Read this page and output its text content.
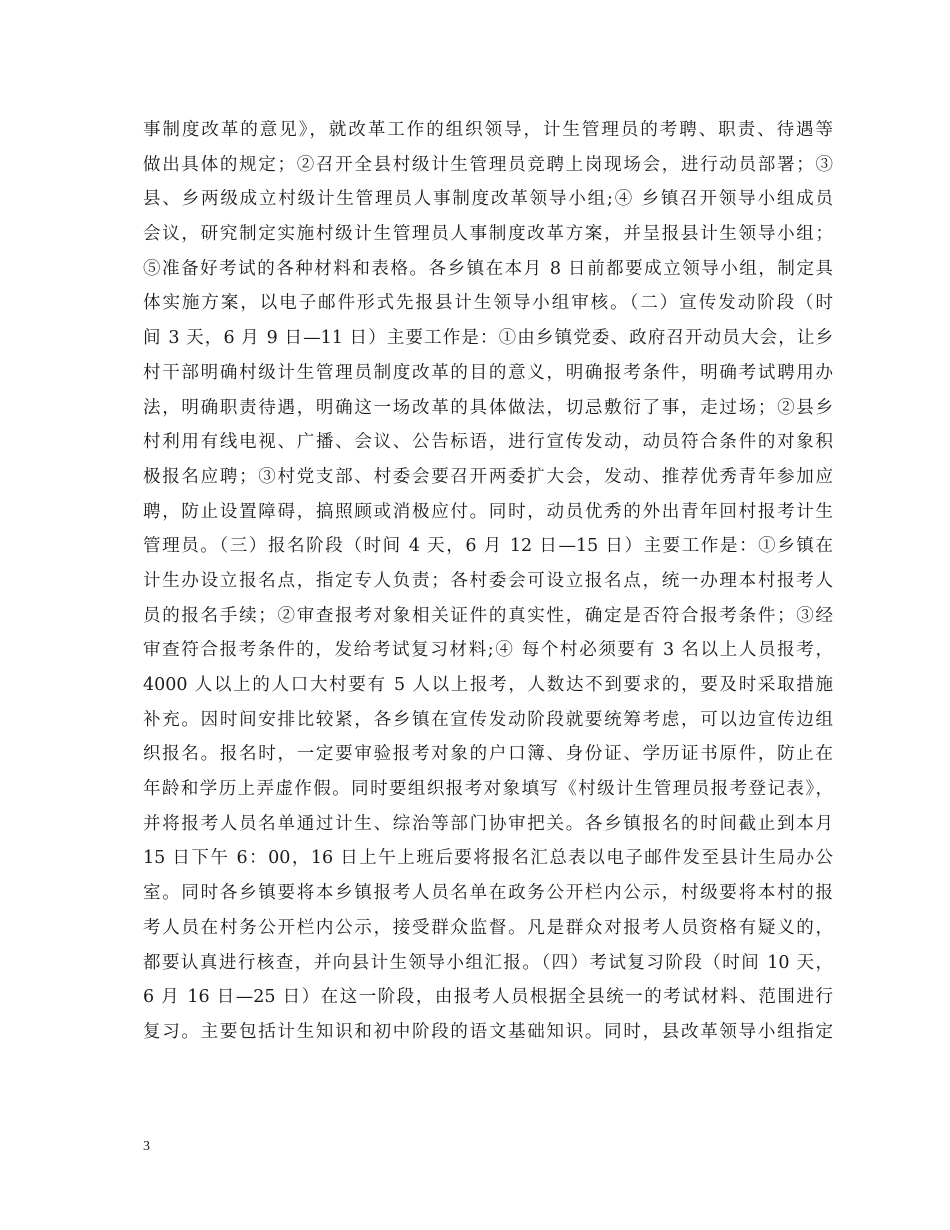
事制度改革的意见》，就改革工作的组织领导，计生管理员的考聘、职责、待遇等
做出具体的规定；②召开全县村级计生管理员竞聘上岗现场会，进行动员部署；③
县、乡两级成立村级计生管理员人事制度改革领导小组;④ 乡镇召开领导小组成员
会议，研究制定实施村级计生管理员人事制度改革方案，并呈报县计生领导小组；
⑤准备好考试的各种材料和表格。各乡镇在本月 8 日前都要成立领导小组，制定具
体实施方案，以电子邮件形式先报县计生领导小组审核。（二）宣传发动阶段（时
间 3 天，6 月 9 日—11 日）主要工作是：①由乡镇党委、政府召开动员大会，让乡
村干部明确村级计生管理员制度改革的目的意义，明确报考条件，明确考试聘用办
法，明确职责待遇，明确这一场改革的具体做法，切忌敷衍了事，走过场；②县乡
村利用有线电视、广播、会议、公告标语，进行宣传发动，动员符合条件的对象积
极报名应聘；③村党支部、村委会要召开两委扩大会，发动、推荐优秀青年参加应
聘，防止设置障碍，搞照顾或消极应付。同时，动员优秀的外出青年回村报考计生
管理员。（三）报名阶段（时间 4 天，6 月 12 日—15 日）主要工作是：①乡镇在
计生办设立报名点，指定专人负责；各村委会可设立报名点，统一办理本村报考人
员的报名手续；②审查报考对象相关证件的真实性，确定是否符合报考条件；③经
审查符合报考条件的，发给考试复习材料;④ 每个村必须要有 3 名以上人员报考，
4000 人以上的人口大村要有 5 人以上报考，人数达不到要求的，要及时采取措施
补充。因时间安排比较紧，各乡镇在宣传发动阶段就要统筹考虑，可以边宣传边组
织报名。报名时，一定要审验报考对象的户口簿、身份证、学历证书原件，防止在
年龄和学历上弄虚作假。同时要组织报考对象填写《村级计生管理员报考登记表》，
并将报考人员名单通过计生、综治等部门协审把关。各乡镇报名的时间截止到本月
15 日下午 6：00，16 日上午上班后要将报名汇总表以电子邮件发至县计生局办公
室。同时各乡镇要将本乡镇报考人员名单在政务公开栏内公示，村级要将本村的报
考人员在村务公开栏内公示，接受群众监督。凡是群众对报考人员资格有疑义的，
都要认真进行核查，并向县计生领导小组汇报。（四）考试复习阶段（时间 10 天，
6 月 16 日—25 日）在这一阶段，由报考人员根据全县统一的考试材料、范围进行
复习。主要包括计生知识和初中阶段的语文基础知识。同时，县改革领导小组指定
3
